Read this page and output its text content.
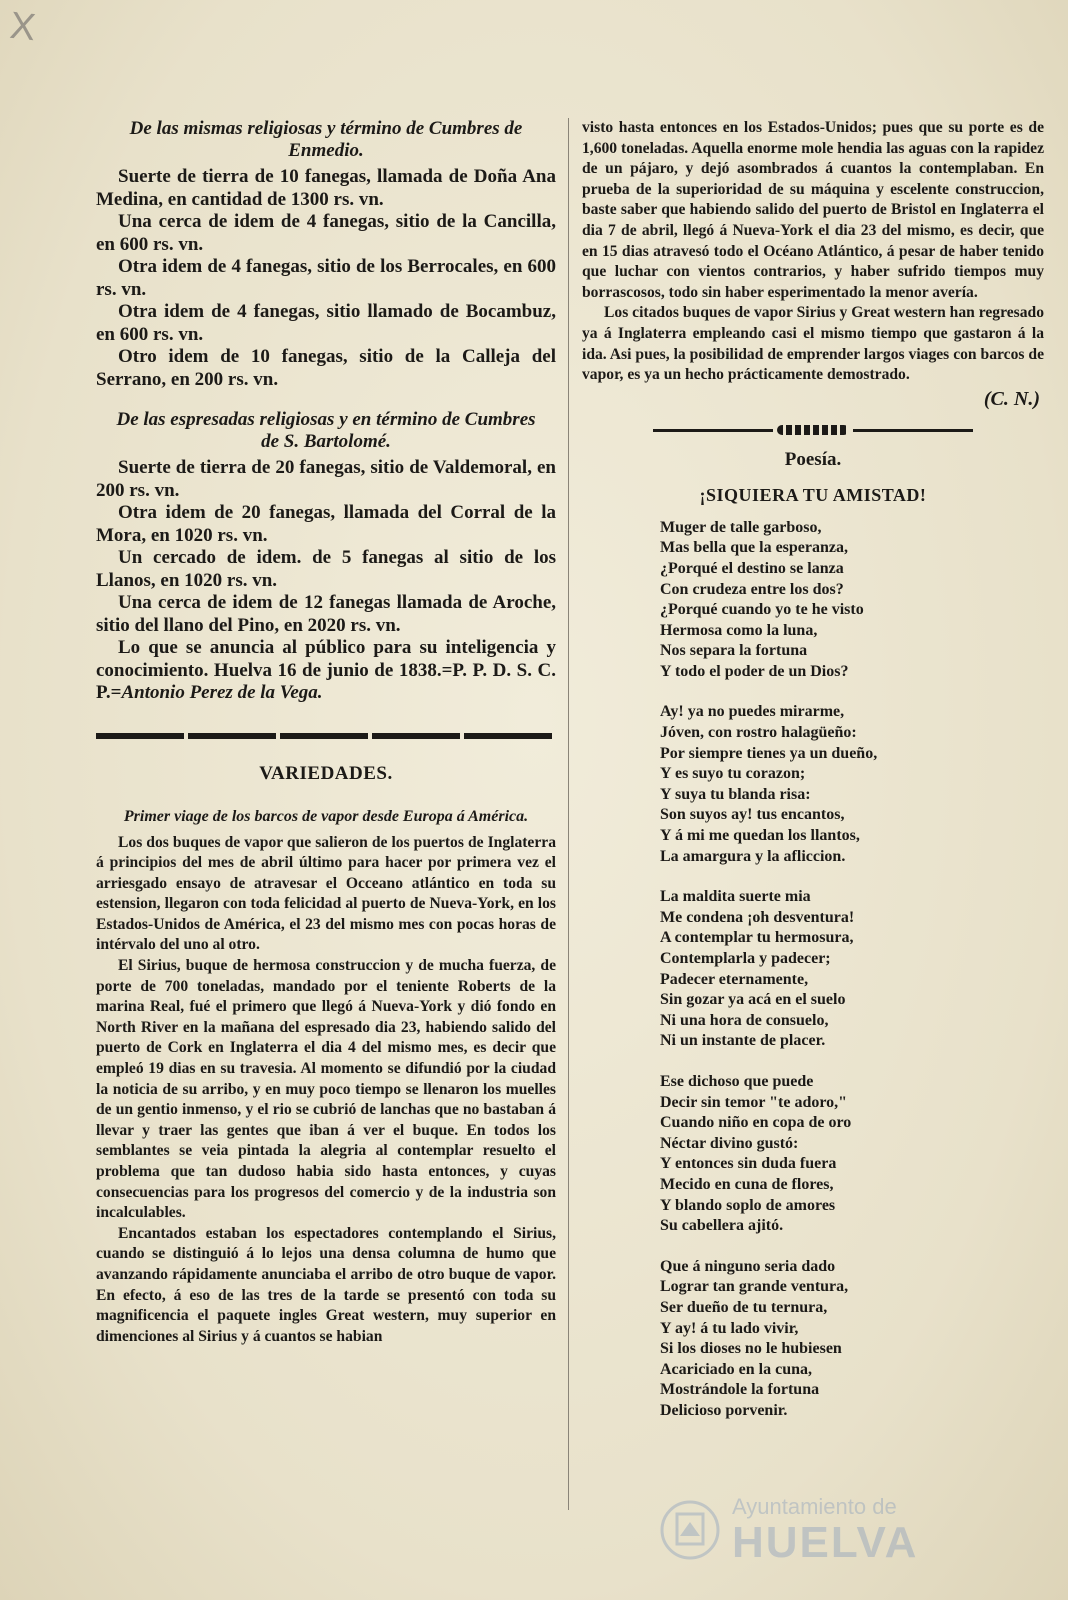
X
De las mismas religiosas y término de Cumbres de Enmedio.

Suerte de tierra de 10 fanegas, llamada de Doña Ana Medina, en cantidad de 1300 rs. vn.

Una cerca de idem de 4 fanegas, sitio de la Cancilla, en 600 rs. vn.

Otra idem de 4 fanegas, sitio de los Berrocales, en 600 rs. vn.

Otra idem de 4 fanegas, sitio llamado de Bocambuz, en 600 rs. vn.

Otro idem de 10 fanegas, sitio de la Calleja del Serrano, en 200 rs. vn.

De las espresadas religiosas y en término de Cumbres de S. Bartolomé.

Suerte de tierra de 20 fanegas, sitio de Valdemoral, en 200 rs. vn.

Otra idem de 20 fanegas, llamada del Corral de la Mora, en 1020 rs. vn.

Un cercado de idem. de 5 fanegas al sitio de los Llanos, en 1020 rs. vn.

Una cerca de idem de 12 fanegas llamada de Aroche, sitio del llano del Pino, en 2020 rs. vn.

Lo que se anuncia al público para su inteligencia y conocimiento. Huelva 16 de junio de 1838.=P. P. D. S. C. P.=Antonio Perez de la Vega.

VARIEDADES.
Primer viage de los barcos de vapor desde Europa á América.

Los dos buques de vapor que salieron de los puertos de Inglaterra á principios del mes de abril último para hacer por primera vez el arriesgado ensayo de atravesar el Occeano atlántico en toda su estension, llegaron con toda felicidad al puerto de Nueva-York, en los Estados-Unidos de América, el 23 del mismo mes con pocas horas de intérvalo del uno al otro.

El Sirius, buque de hermosa construccion y de mucha fuerza, de porte de 700 toneladas, mandado por el teniente Roberts de la marina Real, fué el primero que llegó á Nueva-York y dió fondo en North River en la mañana del espresado dia 23, habiendo salido del puerto de Cork en Inglaterra el dia 4 del mismo mes, es decir que empleó 19 dias en su travesia. Al momento se difundió por la ciudad la noticia de su arribo, y en muy poco tiempo se llenaron los muelles de un gentio inmenso, y el rio se cubrió de lanchas que no bastaban á llevar y traer las gentes que iban á ver el buque. En todos los semblantes se veia pintada la alegria al contemplar resuelto el problema que tan dudoso habia sido hasta entonces, y cuyas consecuencias para los progresos del comercio y de la industria son incalculables.

Encantados estaban los espectadores contemplando el Sirius, cuando se distinguió á lo lejos una densa columna de humo que avanzando rápidamente anunciaba el arribo de otro buque de vapor. En efecto, á eso de las tres de la tarde se presentó con toda su magnificencia el paquete ingles Great western, muy superior en dimenciones al Sirius y á cuantos se habian

visto hasta entonces en los Estados-Unidos; pues que su porte es de 1,600 toneladas. Aquella enorme mole hendia las aguas con la rapidez de un pájaro, y dejó asombrados á cuantos la contemplaban. En prueba de la superioridad de su máquina y escelente construccion, baste saber que habiendo salido del puerto de Bristol en Inglaterra el dia 7 de abril, llegó á Nueva-York el dia 23 del mismo, es decir, que en 15 dias atravesó todo el Océano Atlántico, á pesar de haber tenido que luchar con vientos contrarios, y haber sufrido tiempos muy borrascosos, todo sin haber esperimentado la menor avería.

Los citados buques de vapor Sirius y Great western han regresado ya á Inglaterra empleando casi el mismo tiempo que gastaron á la ida. Asi pues, la posibilidad de emprender largos viages con barcos de vapor, es ya un hecho prácticamente demostrado.

(C. N.)
Poesía.
¡SIQUIERA TU AMISTAD!
Muger de talle garboso,
Mas bella que la esperanza,
¿Porqué el destino se lanza
Con crudeza entre los dos?
¿Porqué cuando yo te he visto
Hermosa como la luna,
Nos separa la fortuna
Y todo el poder de un Dios?
Ay! ya no puedes mirarme,
Jóven, con rostro halagüeño:
Por siempre tienes ya un dueño,
Y es suyo tu corazon;
Y suya tu blanda risa:
Son suyos ay! tus encantos,
Y á mi me quedan los llantos,
La amargura y la afliccion.
La maldita suerte mia
Me condena ¡oh desventura!
A contemplar tu hermosura,
Contemplarla y padecer;
Padecer eternamente,
Sin gozar ya acá en el suelo
Ni una hora de consuelo,
Ni un instante de placer.
Ese dichoso que puede
Decir sin temor "te adoro,"
Cuando niño en copa de oro
Néctar divino gustó:
Y entonces sin duda fuera
Mecido en cuna de flores,
Y blando soplo de amores
Su cabellera ajitó.
Que á ninguno seria dado
Lograr tan grande ventura,
Ser dueño de tu ternura,
Y ay! á tu lado vivir,
Si los dioses no le hubiesen
Acariciado en la cuna,
Mostrándole la fortuna
Delicioso porvenir.
Ayuntamiento de
HUELVA
